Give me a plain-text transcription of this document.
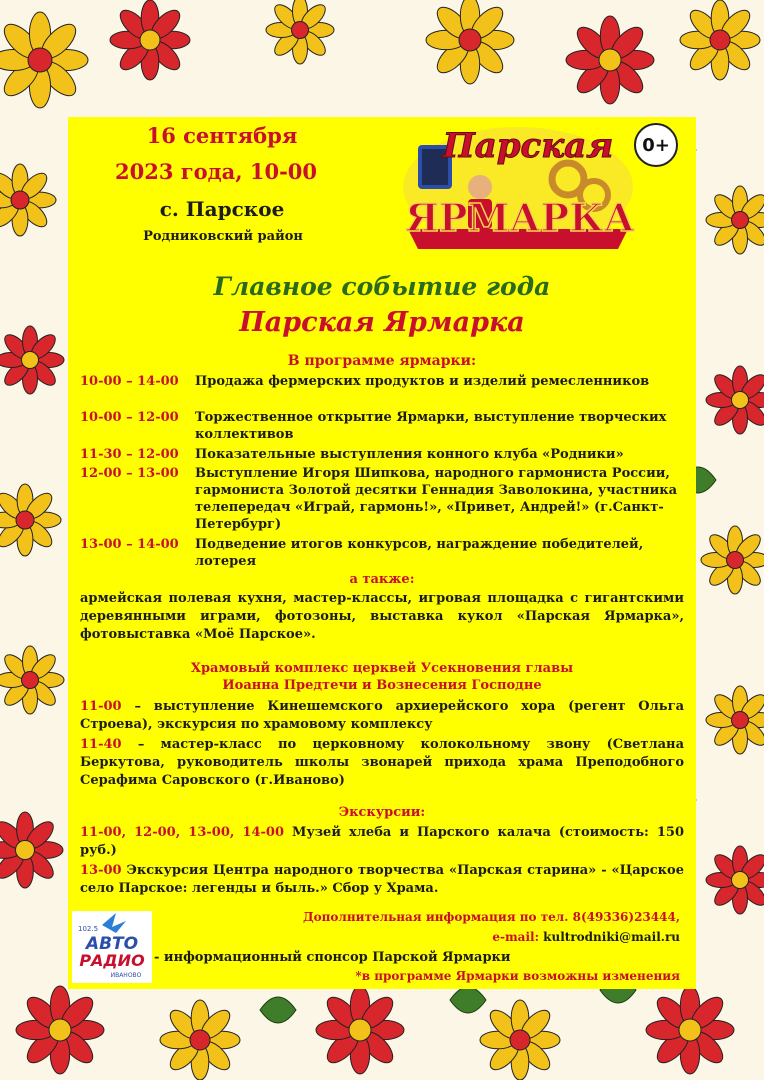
16 сентября
2023 года, 10-00
с. Парское
Родниковский район
Парская
ЯРМАРКА
0+
Главное событие года
Парская Ярмарка
В программе ярмарки:
10-00 – 14-00	Продажа фермерских продуктов и изделий ремесленников
10-00 – 12-00	Торжественное открытие Ярмарки, выступление творческих коллективов
11-30 – 12-00	Показательные выступления конного клуба «Родники»
12-00 – 13-00	Выступление Игоря Шипкова, народного гармониста России, гармониста Золотой десятки Геннадия Заволокина, участника телепередач «Играй, гармонь!», «Привет, Андрей!» (г.Санкт-Петербург)
13-00 – 14-00	Подведение итогов конкурсов, награждение победителей, лотерея
а также:
армейская полевая кухня, мастер-классы, игровая площадка с гигантскими деревянными играми, фотозоны, выставка кукол «Парская Ярмарка», фотовыставка «Моё Парское».
Храмовый комплекс церквей Усекновения главы
Иоанна Предтечи и Вознесения Господне
11-00 – выступление Кинешемского архиерейского хора (регент Ольга Строева), экскурсия по храмовому комплексу
11-40 – мастер-класс по церковному колокольному звону (Светлана Беркутова, руководитель школы звонарей прихода храма Преподобного Серафима Саровского (г.Иваново)
Экскурсии:
11-00, 12-00, 13-00, 14-00 Музей хлеба и Парского калача (стоимость: 150 руб.)
13-00 Экскурсия Центра народного творчества «Парская старина» - «Царское село Парское: легенды и быль.» Сбор у Храма.
Дополнительная информация по тел. 8(49336)23444,
e-mail: kultrodniki@mail.ru
102.5
АВТО
РАДИО
ИВАНОВО
- информационный спонсор Парской Ярмарки
*в программе Ярмарки возможны изменения
